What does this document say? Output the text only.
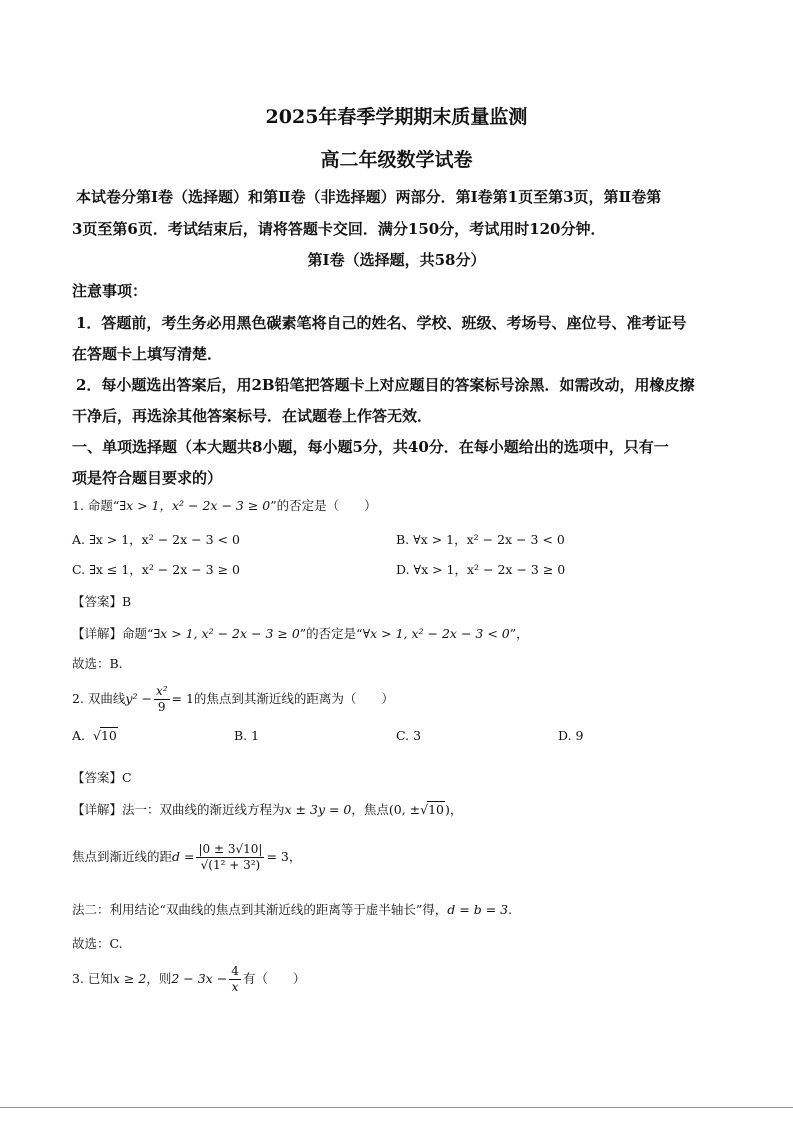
2025年春季学期期末质量监测
高二年级数学试卷
本试卷分第Ⅰ卷（选择题）和第Ⅱ卷（非选择题）两部分．第Ⅰ卷第1页至第3页，第Ⅱ卷第
3页至第6页．考试结束后，请将答题卡交回．满分150分，考试用时120分钟．
第Ⅰ卷（选择题，共58分）
注意事项：
1．答题前，考生务必用黑色碳素笔将自己的姓名、学校、班级、考场号、座位号、准考证号
在答题卡上填写清楚．
2．每小题选出答案后，用2B铅笔把答题卡上对应题目的答案标号涂黑．如需改动，用橡皮擦
干净后，再选涂其他答案标号．在试题卷上作答无效．
一、单项选择题（本大题共8小题，每小题5分，共40分．在每小题给出的选项中，只有一
项是符合题目要求的）
1. 命题“∃x > 1，x² − 2x − 3 ≥ 0”的否定是（　　）
A. ∃x > 1，x² − 2x − 3 < 0	B. ∀x > 1，x² − 2x − 3 < 0
C. ∃x ≤ 1，x² − 2x − 3 ≥ 0	D. ∀x > 1，x² − 2x − 3 ≥ 0
【答案】B
【详解】命题“∃x > 1, x² − 2x − 3 ≥ 0”的否定是“∀x > 1, x² − 2x − 3 < 0”，
故选：B.
2. 双曲线$y^2 - \frac{\text{x²}}{9} = 1$的焦点到其渐近线的距离为（　　）
A. √10	B. 1	C. 3	D. 9
【答案】C
【详解】法一：双曲线的渐近线方程为x ± 3y = 0，焦点(0, ±√10)，
焦点到渐近线的距$d = \frac{|0 \pm 3√10|}{\text{√(1² + 3²)}} = 3$，
法二：利用结论“双曲线的焦点到其渐近线的距离等于虚半轴长”得，d = b = 3.
故选：C.
3. 已知x ≥ 2，则$2 - 3x - \frac{4}{x}$ 有（　　）
